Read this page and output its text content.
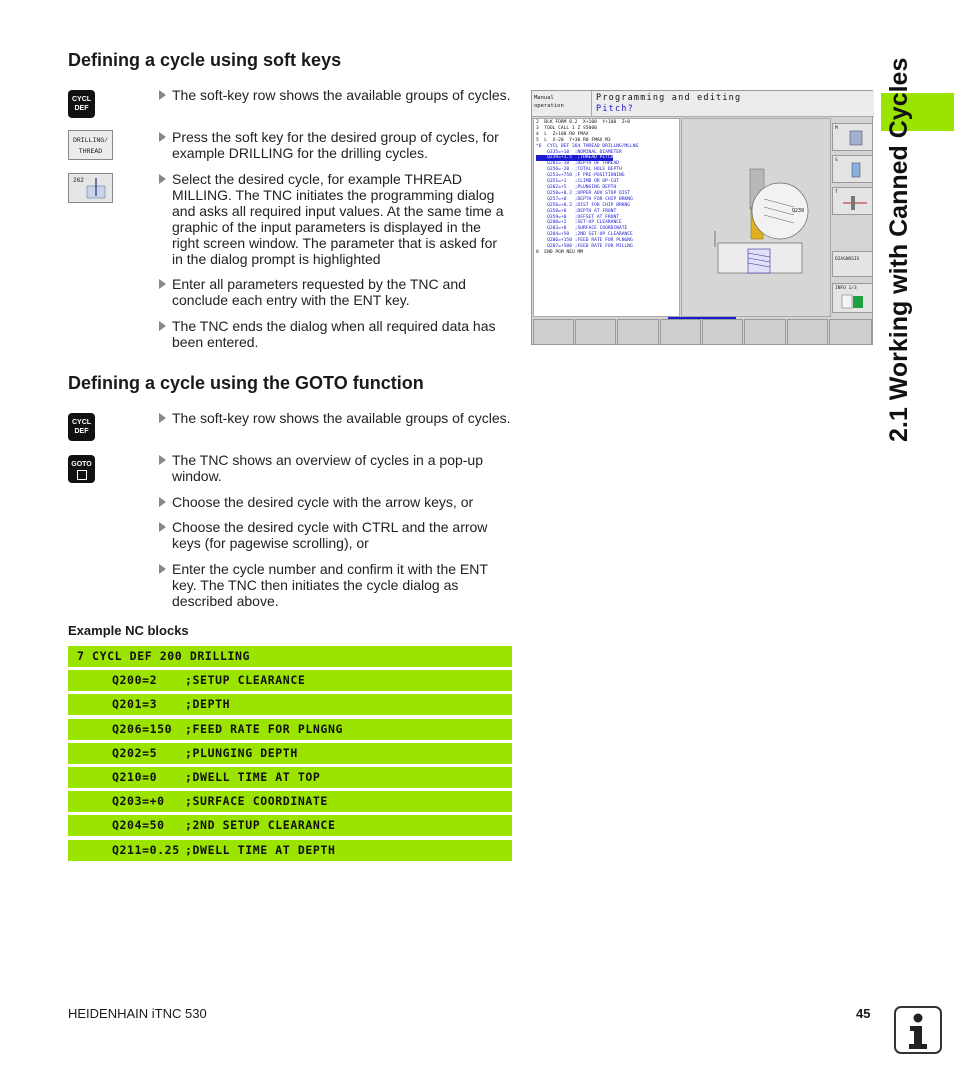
Defining a cycle using soft keys
CYCL
DEF
DRILLING/
THREAD
262
The soft-key row shows the available groups of cycles.
Press the soft key for the desired group of cycles, for example DRILLING for the drilling cycles.
Select the desired cycle, for example THREAD MILLING. The TNC initiates the programming dialog and asks all required input values. At the same time a graphic of the input parameters is displayed in the right screen window. The parameter that is asked for in the dialog prompt is highlighted
Enter all parameters requested by the TNC and conclude each entry with the ENT key.
The TNC ends the dialog when all required data has been entered.
Manual
operation
Programming and editing
Pitch?
2  BLK FORM 0.2  X+100  Y+100  Z+0
3  TOOL CALL 1 Z S5000
4  L  Z+100 R0 FMAX
5  L  X-20  Y+30 R0 FMAX M3
*6  CYCL DEF 264 THREAD DRILLNG/MLLNG
Q335=+10  ;NOMINAL DIAMETER
Q239=+1.5  ;THREAD PITCH
Q201=-10  ;DEPTH OF THREAD
Q356=-20  ;TOTAL HOLE DEPTH
Q253=+750 ;F PRE-POSITIONING
Q351=+1   ;CLIMB OR UP-CUT
Q202=+5   ;PLUNGING DEPTH
Q258=+0.2 ;UPPER ADV STOP DIST
Q257=+0   ;DEPTH FOR CHIP BRKNG
Q256=+0.2 ;DIST FOR CHIP BRKNG
Q358=+0   ;DEPTH AT FRONT
Q359=+0   ;OFFSET AT FRONT
Q200=+2   ;SET-UP CLEARANCE
Q203=+0   ;SURFACE COORDINATE
Q204=+50  ;2ND SET-UP CLEARANCE
Q206=+150 ;FEED RATE FOR PLNGNG
Q207=+500 ;FEED RATE FOR MILLNG
8  END PGM NEU MM
Q239
M
S
T
DIAGNOSIS
INFO 1/3
Defining a cycle using the GOTO function
CYCL
DEF
GOTO
The soft-key row shows the available groups of cycles.
The TNC shows an overview of cycles in a pop-up window.
Choose the desired cycle with the arrow keys, or
Choose the desired cycle with CTRL and the arrow keys (for pagewise scrolling), or
Enter the cycle number and confirm it with the ENT key. The TNC then initiates the cycle dialog as described above.
Example NC blocks
7 CYCL DEF 200 DRILLING
Q200=2 ;SETUP CLEARANCE
Q201=3 ;DEPTH
Q206=150 ;FEED RATE FOR PLNGNG
Q202=5 ;PLUNGING DEPTH
Q210=0 ;DWELL TIME AT TOP
Q203=+0 ;SURFACE COORDINATE
Q204=50 ;2ND SETUP CLEARANCE
Q211=0.25 ;DWELL TIME AT DEPTH
2.1 Working with Canned Cycles
HEIDENHAIN iTNC 530	45
